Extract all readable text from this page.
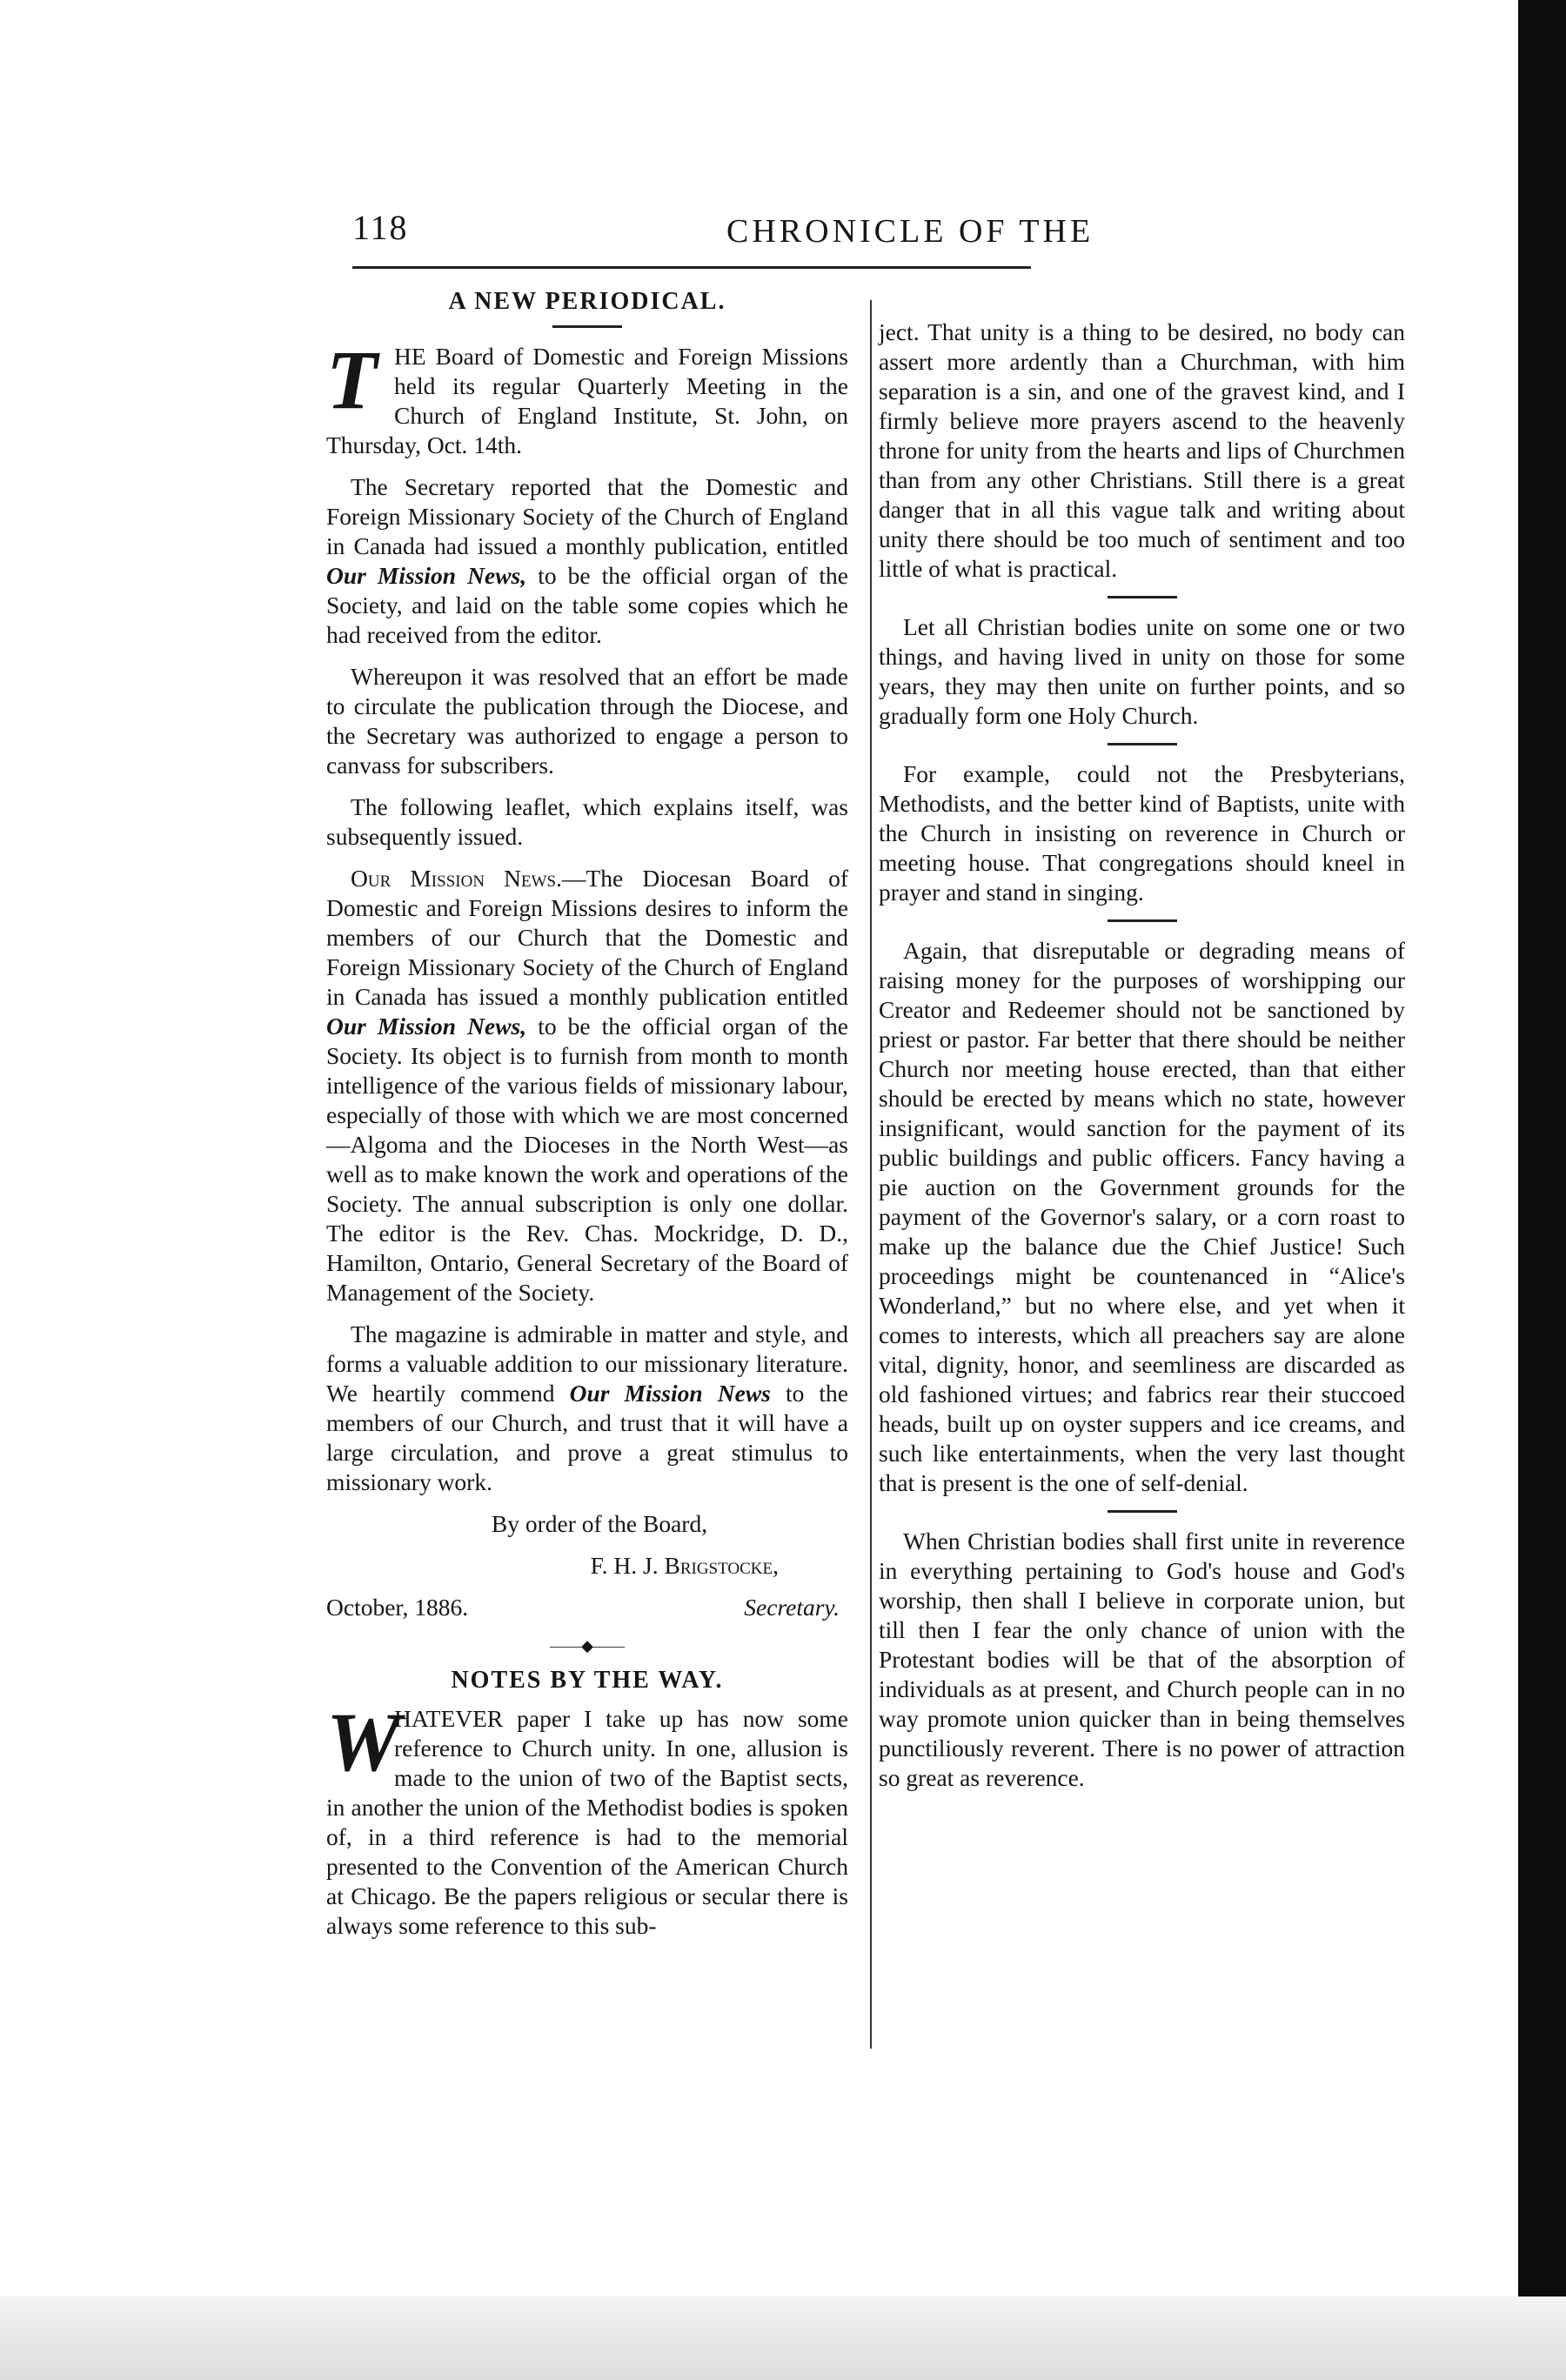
118	CHRONICLE OF THE
A NEW PERIODICAL.

THE Board of Domestic and Foreign Missions held its regular Quarterly Meeting in the Church of England Institute, St. John, on Thursday, Oct. 14th.

The Secretary reported that the Domestic and Foreign Missionary Society of the Church of England in Canada had issued a monthly publication, entitled Our Mission News, to be the official organ of the Society, and laid on the table some copies which he had received from the editor.

Whereupon it was resolved that an effort be made to circulate the publication through the Diocese, and the Secretary was authorized to engage a person to canvass for subscribers.

The following leaflet, which explains itself, was subsequently issued.

Our Mission News.—The Diocesan Board of Domestic and Foreign Missions desires to inform the members of our Church that the Domestic and Foreign Missionary Society of the Church of England in Canada has issued a monthly publication entitled Our Mission News, to be the official organ of the Society. Its object is to furnish from month to month intelligence of the various fields of missionary labour, especially of those with which we are most concerned—Algoma and the Dioceses in the North West—as well as to make known the work and operations of the Society. The annual subscription is only one dollar. The editor is the Rev. Chas. Mockridge, D. D., Hamilton, Ontario, General Secretary of the Board of Management of the Society.

The magazine is admirable in matter and style, and forms a valuable addition to our missionary literature. We heartily commend Our Mission News to the members of our Church, and trust that it will have a large circulation, and prove a great stimulus to missionary work.

By order of the Board,

F. H. J. Brigstocke,

October, 1886.	Secretary.
——◆——
NOTES BY THE WAY.

W
HATEVER paper I take up has now some reference to Church unity. In one, allusion is made to the union of two of the Baptist sects, in another the union of the Methodist bodies is spoken of, in a third reference is had to the memorial presented to the Convention of the American Church at Chicago. Be the papers religious or secular there is always some reference to this sub-

ject. That unity is a thing to be desired, no body can assert more ardently than a Churchman, with him separation is a sin, and one of the gravest kind, and I firmly believe more prayers ascend to the heavenly throne for unity from the hearts and lips of Churchmen than from any other Christians. Still there is a great danger that in all this vague talk and writing about unity there should be too much of sentiment and too little of what is practical.

Let all Christian bodies unite on some one or two things, and having lived in unity on those for some years, they may then unite on further points, and so gradually form one Holy Church.

For example, could not the Presbyterians, Methodists, and the better kind of Baptists, unite with the Church in insisting on reverence in Church or meeting house. That congregations should kneel in prayer and stand in singing.

Again, that disreputable or degrading means of raising money for the purposes of worshipping our Creator and Redeemer should not be sanctioned by priest or pastor. Far better that there should be neither Church nor meeting house erected, than that either should be erected by means which no state, however insignificant, would sanction for the payment of its public buildings and public officers. Fancy having a pie auction on the Government grounds for the payment of the Governor's salary, or a corn roast to make up the balance due the Chief Justice! Such proceedings might be countenanced in “Alice's Wonderland,” but no where else, and yet when it comes to interests, which all preachers say are alone vital, dignity, honor, and seemliness are discarded as old fashioned virtues; and fabrics rear their stuccoed heads, built up on oyster suppers and ice creams, and such like entertainments, when the very last thought that is present is the one of self-denial.

When Christian bodies shall first unite in reverence in everything pertaining to God's house and God's worship, then shall I believe in corporate union, but till then I fear the only chance of union with the Protestant bodies will be that of the absorption of individuals as at present, and Church people can in no way promote union quicker than in being themselves punctiliously reverent. There is no power of attraction so great as reverence.
